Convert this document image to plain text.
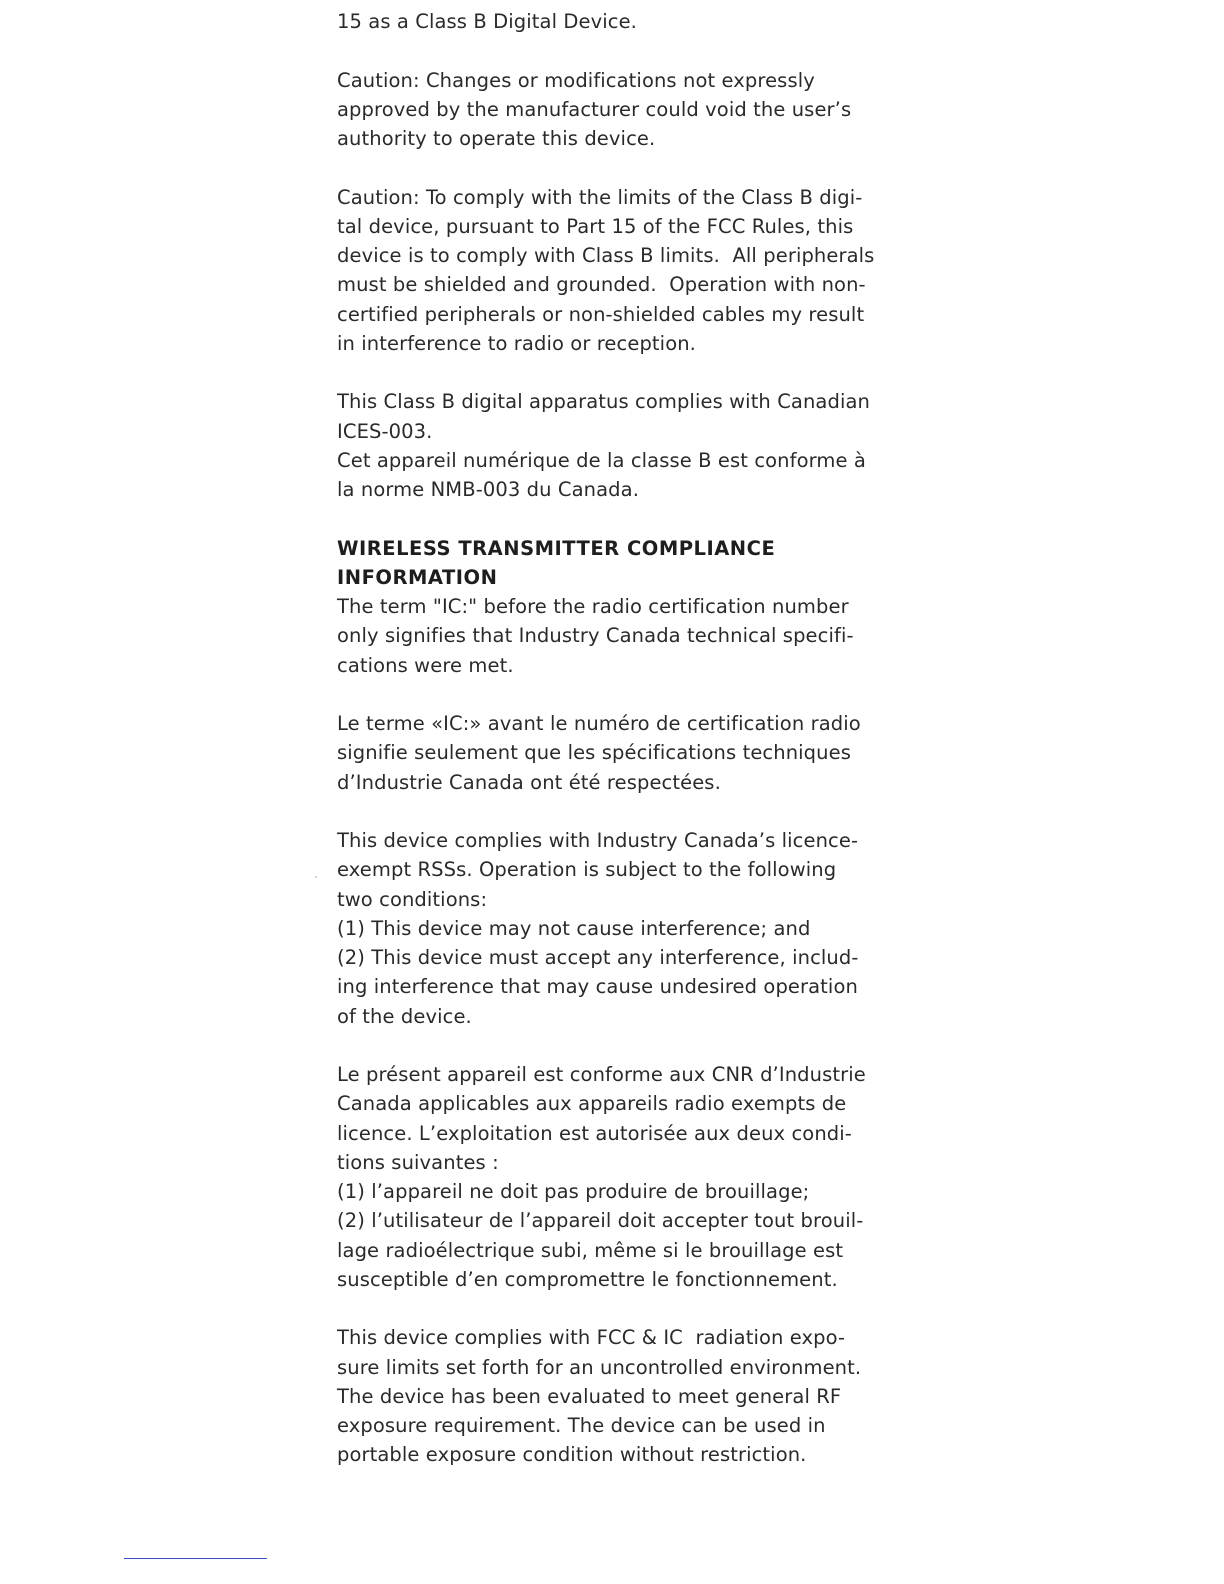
15 as a Class B Digital Device.
Caution: Changes or modifications not expressly
approved by the manufacturer could void the user’s
authority to operate this device.
Caution: To comply with the limits of the Class B digi-
tal device, pursuant to Part 15 of the FCC Rules, this
device is to comply with Class B limits.  All peripherals
must be shielded and grounded.  Operation with non-
certified peripherals or non-shielded cables my result
in interference to radio or reception.
This Class B digital apparatus complies with Canadian
ICES-003.
Cet appareil numérique de la classe B est conforme à
la norme NMB-003 du Canada.
WIRELESS TRANSMITTER COMPLIANCE
INFORMATION
The term "IC:" before the radio certification number
only signifies that Industry Canada technical specifi-
cations were met.
Le terme «IC:» avant le numéro de certification radio
signifie seulement que les spécifications techniques
d’Industrie Canada ont été respectées.
This device complies with Industry Canada’s licence-
exempt RSSs. Operation is subject to the following
two conditions:
(1) This device may not cause interference; and
(2) This device must accept any interference, includ-
ing interference that may cause undesired operation
of the device.
Le présent appareil est conforme aux CNR d’Industrie
Canada applicables aux appareils radio exempts de
licence. L’exploitation est autorisée aux deux condi-
tions suivantes :
(1) l’appareil ne doit pas produire de brouillage;
(2) l’utilisateur de l’appareil doit accepter tout brouil-
lage radioélectrique subi, même si le brouillage est
susceptible d’en compromettre le fonctionnement.
This device complies with FCC & IC  radiation expo-
sure limits set forth for an uncontrolled environment.
The device has been evaluated to meet general RF
exposure requirement. The device can be used in
portable exposure condition without restriction.
